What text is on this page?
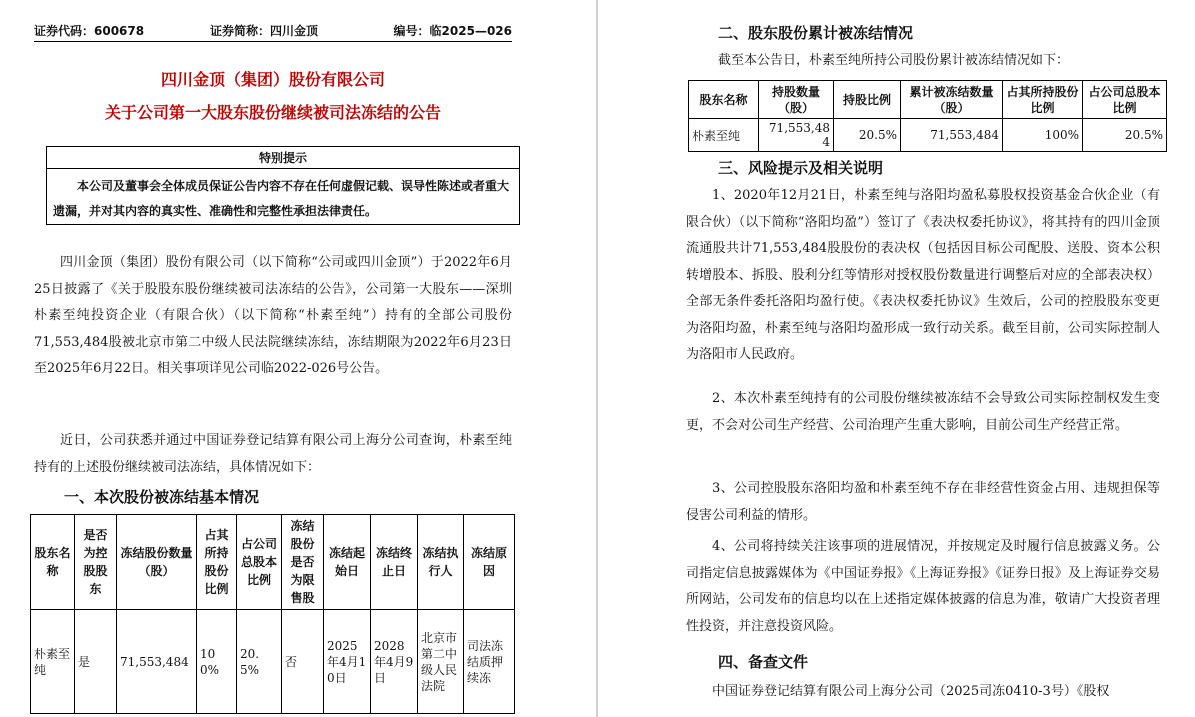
证券代码：600678	证券简称：四川金顶	编号：临2025—026
四川金顶（集团）股份有限公司
关于公司第一大股东股份继续被司法冻结的公告
特别提示
本公司及董事会全体成员保证公告内容不存在任何虚假记载、误导性陈述或者重大遗漏，并对其内容的真实性、准确性和完整性承担法律责任。

四川金顶（集团）股份有限公司（以下简称“公司或四川金顶”）于2022年6月25日披露了《关于股股东股份继续被司法冻结的公告》，公司第一大股东——深圳朴素至纯投资企业（有限合伙）（以下简称“朴素至纯”）持有的全部公司股份71,553,484股被北京市第二中级人民法院继续冻结，冻结期限为2022年6月23日至2025年6月22日。相关事项详见公司临2022-026号公告。

近日，公司获悉并通过中国证券登记结算有限公司上海分公司查询，朴素至纯持有的上述股份继续被司法冻结，具体情况如下：

一、本次股份被冻结基本情况
股东名称	是否为控股股东	冻结股份数量（股）	占其所持股份比例	占公司总股本比例	冻结股份是否为限售股	冻结起始日	冻结终止日	冻结执行人	冻结原因
朴素至纯	是	71,553,484	100%	20.5%	否	2025年4月10日	2028年4月9日	北京市第二中级人民法院	司法冻结质押续冻
二、股东股份累计被冻结情况

截至本公告日，朴素至纯所持公司股份累计被冻结情况如下：

股东名称	持股数量（股）	持股比例	累计被冻结数量（股）	占其所持股份比例	占公司总股本比例
朴素至纯	71,553,484	20.5%	71,553,484	100%	20.5%
三、风险提示及相关说明

1、2020年12月21日，朴素至纯与洛阳均盈私募股权投资基金合伙企业（有限合伙）（以下简称“洛阳均盈”）签订了《表决权委托协议》，将其持有的四川金顶流通股共计71,553,484股股份的表决权（包括因目标公司配股、送股、资本公积转增股本、拆股、股利分红等情形对授权股份数量进行调整后对应的全部表决权）全部无条件委托洛阳均盈行使。《表决权委托协议》生效后，公司的控股股东变更为洛阳均盈，朴素至纯与洛阳均盈形成一致行动关系。截至目前，公司实际控制人为洛阳市人民政府。

2、本次朴素至纯持有的公司股份继续被冻结不会导致公司实际控制权发生变更，不会对公司生产经营、公司治理产生重大影响，目前公司生产经营正常。

3、公司控股股东洛阳均盈和朴素至纯不存在非经营性资金占用、违规担保等侵害公司利益的情形。

4、公司将持续关注该事项的进展情况，并按规定及时履行信息披露义务。公司指定信息披露媒体为《中国证券报》《上海证券报》《证券日报》及上海证券交易所网站，公司发布的信息均以在上述指定媒体披露的信息为准，敬请广大投资者理性投资，并注意投资风险。

四、备查文件

中国证券登记结算有限公司上海分公司（2025司冻0410-3号）《股权
